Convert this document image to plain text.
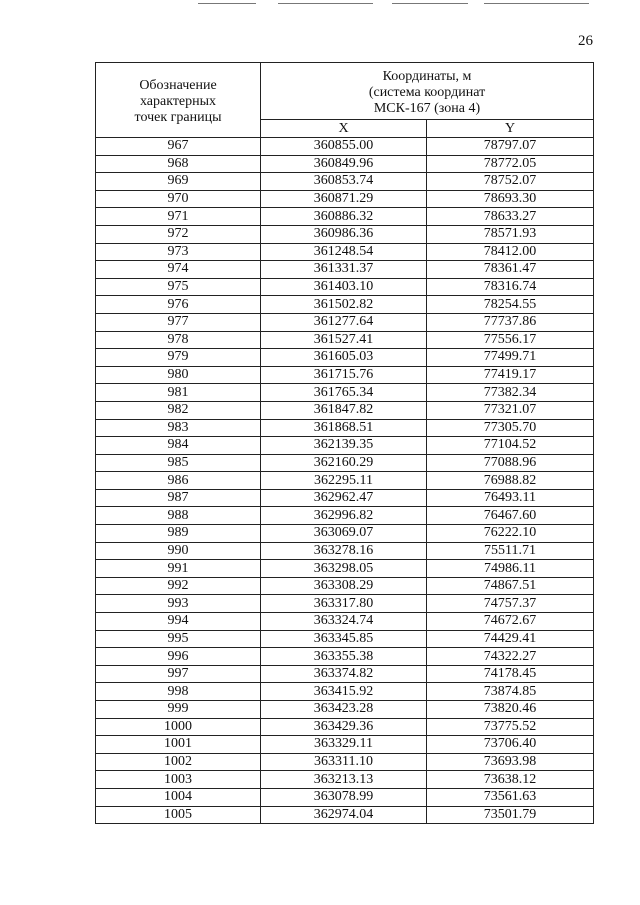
26
Обозначение
характерных
точек границы	Координаты, м
(система координат
МСК-167 (зона 4)	
	X	Y
967	360855.00	78797.07
968	360849.96	78772.05
969	360853.74	78752.07
970	360871.29	78693.30
971	360886.32	78633.27
972	360986.36	78571.93
973	361248.54	78412.00
974	361331.37	78361.47
975	361403.10	78316.74
976	361502.82	78254.55
977	361277.64	77737.86
978	361527.41	77556.17
979	361605.03	77499.71
980	361715.76	77419.17
981	361765.34	77382.34
982	361847.82	77321.07
983	361868.51	77305.70
984	362139.35	77104.52
985	362160.29	77088.96
986	362295.11	76988.82
987	362962.47	76493.11
988	362996.82	76467.60
989	363069.07	76222.10
990	363278.16	75511.71
991	363298.05	74986.11
992	363308.29	74867.51
993	363317.80	74757.37
994	363324.74	74672.67
995	363345.85	74429.41
996	363355.38	74322.27
997	363374.82	74178.45
998	363415.92	73874.85
999	363423.28	73820.46
1000	363429.36	73775.52
1001	363329.11	73706.40
1002	363311.10	73693.98
1003	363213.13	73638.12
1004	363078.99	73561.63
1005	362974.04	73501.79
